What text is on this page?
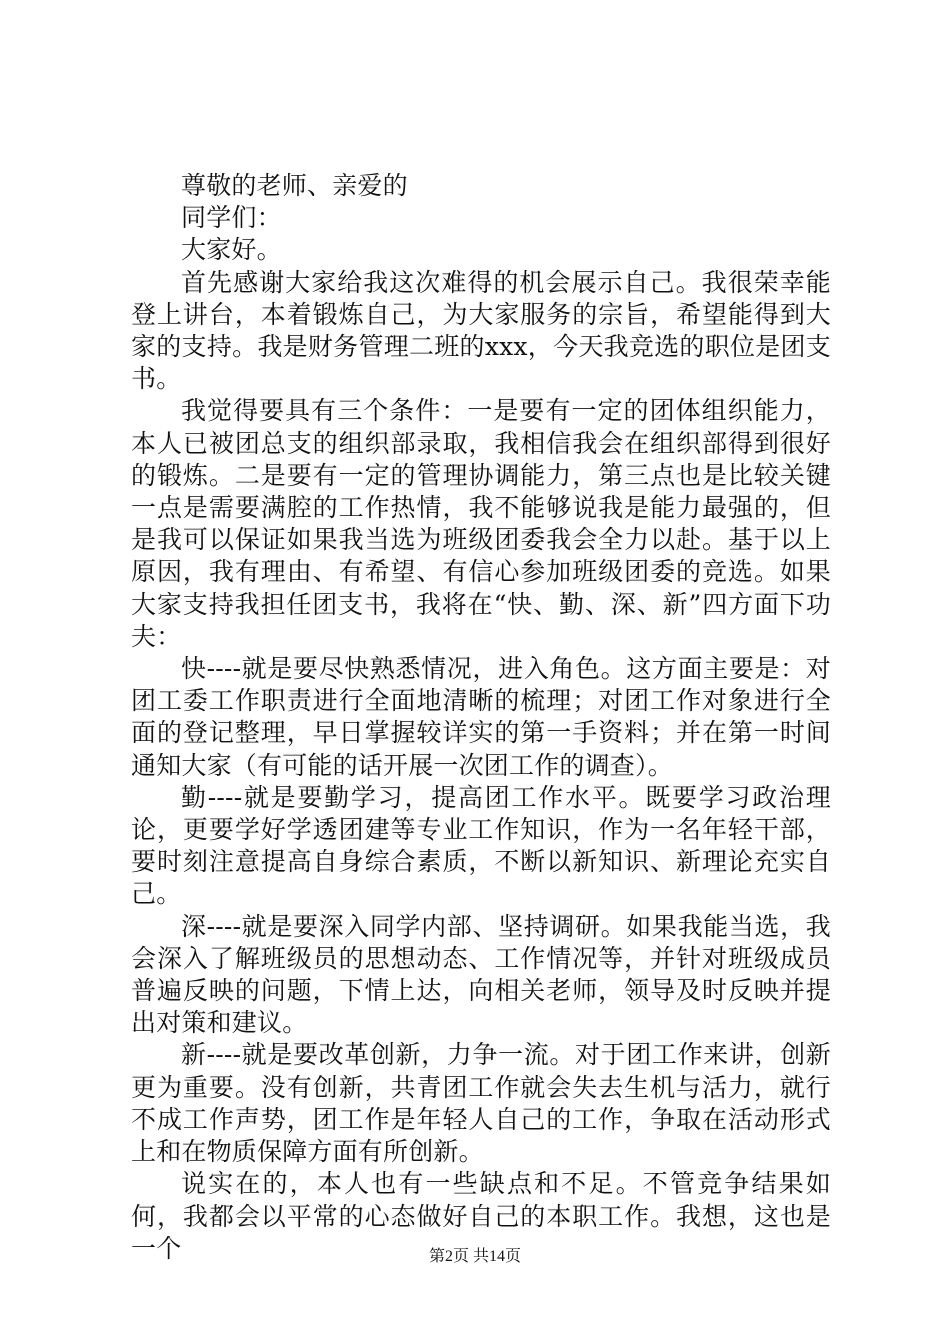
尊敬的老师、亲爱的

同学们：

大家好。

首先感谢大家给我这次难得的机会展示自己。我很荣幸能登上讲台，本着锻炼自己，为大家服务的宗旨，希望能得到大家的支持。我是财务管理二班的xxx，今天我竞选的职位是团支书。

我觉得要具有三个条件：一是要有一定的团体组织能力，本人已被团总支的组织部录取，我相信我会在组织部得到很好的锻炼。二是要有一定的管理协调能力，第三点也是比较关键一点是需要满腔的工作热情，我不能够说我是能力最强的，但是我可以保证如果我当选为班级团委我会全力以赴。基于以上原因，我有理由、有希望、有信心参加班级团委的竞选。如果大家支持我担任团支书，我将在“快、勤、深、新”四方面下功夫：

快----就是要尽快熟悉情况，进入角色。这方面主要是：对团工委工作职责进行全面地清晰的梳理；对团工作对象进行全面的登记整理，早日掌握较详实的第一手资料；并在第一时间通知大家（有可能的话开展一次团工作的调查）。

勤----就是要勤学习，提高团工作水平。既要学习政治理论，更要学好学透团建等专业工作知识，作为一名年轻干部，要时刻注意提高自身综合素质，不断以新知识、新理论充实自己。

深----就是要深入同学内部、坚持调研。如果我能当选，我会深入了解班级员的思想动态、工作情况等，并针对班级成员普遍反映的问题，下情上达，向相关老师，领导及时反映并提出对策和建议。

新----就是要改革创新，力争一流。对于团工作来讲，创新更为重要。没有创新，共青团工作就会失去生机与活力，就行不成工作声势，团工作是年轻人自己的工作，争取在活动形式上和在物质保障方面有所创新。

说实在的，本人也有一些缺点和不足。不管竞争结果如何，我都会以平常的心态做好自己的本职工作。我想，这也是一个	第2页 共14页
